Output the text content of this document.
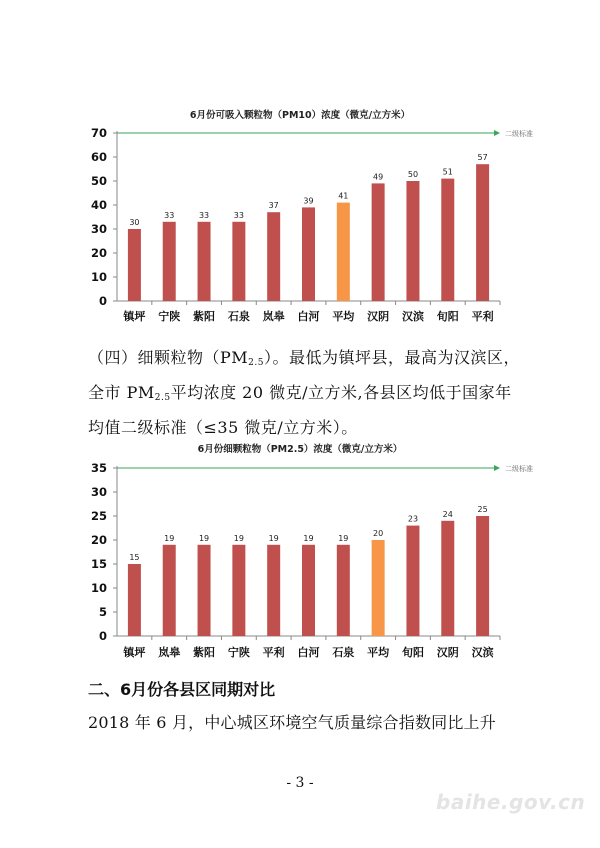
6月份可吸入颗粒物（PM10）浓度（微克/立方米）
二级标准
0
10
20
30
40
50
60
70
30
镇坪
33
宁陕
33
紫阳
33
石泉
37
岚皋
39
白河
41
平均
49
汉阴
50
汉滨
51
旬阳
57
平利
（四）细颗粒物$(PM_{2.5})$。最低为镇坪县，最高为汉滨区，全市 $PM_{2.5}$平均浓度 20 微克/立方米,各县区均低于国家年均值二级标准（≤35 微克/立方米）。
6月份细颗粒物（PM2.5）浓度（微克/立方米）
二级标准
0
5
10
15
20
25
30
35
15
镇坪
19
岚皋
19
紫阳
19
宁陕
19
平利
19
白河
19
石泉
20
平均
23
旬阳
24
汉阴
25
汉滨
二、6月份各县区同期对比
2018 年 6 月，中心城区环境空气质量综合指数同比上升
- 3 -
baihe.gov.cn
